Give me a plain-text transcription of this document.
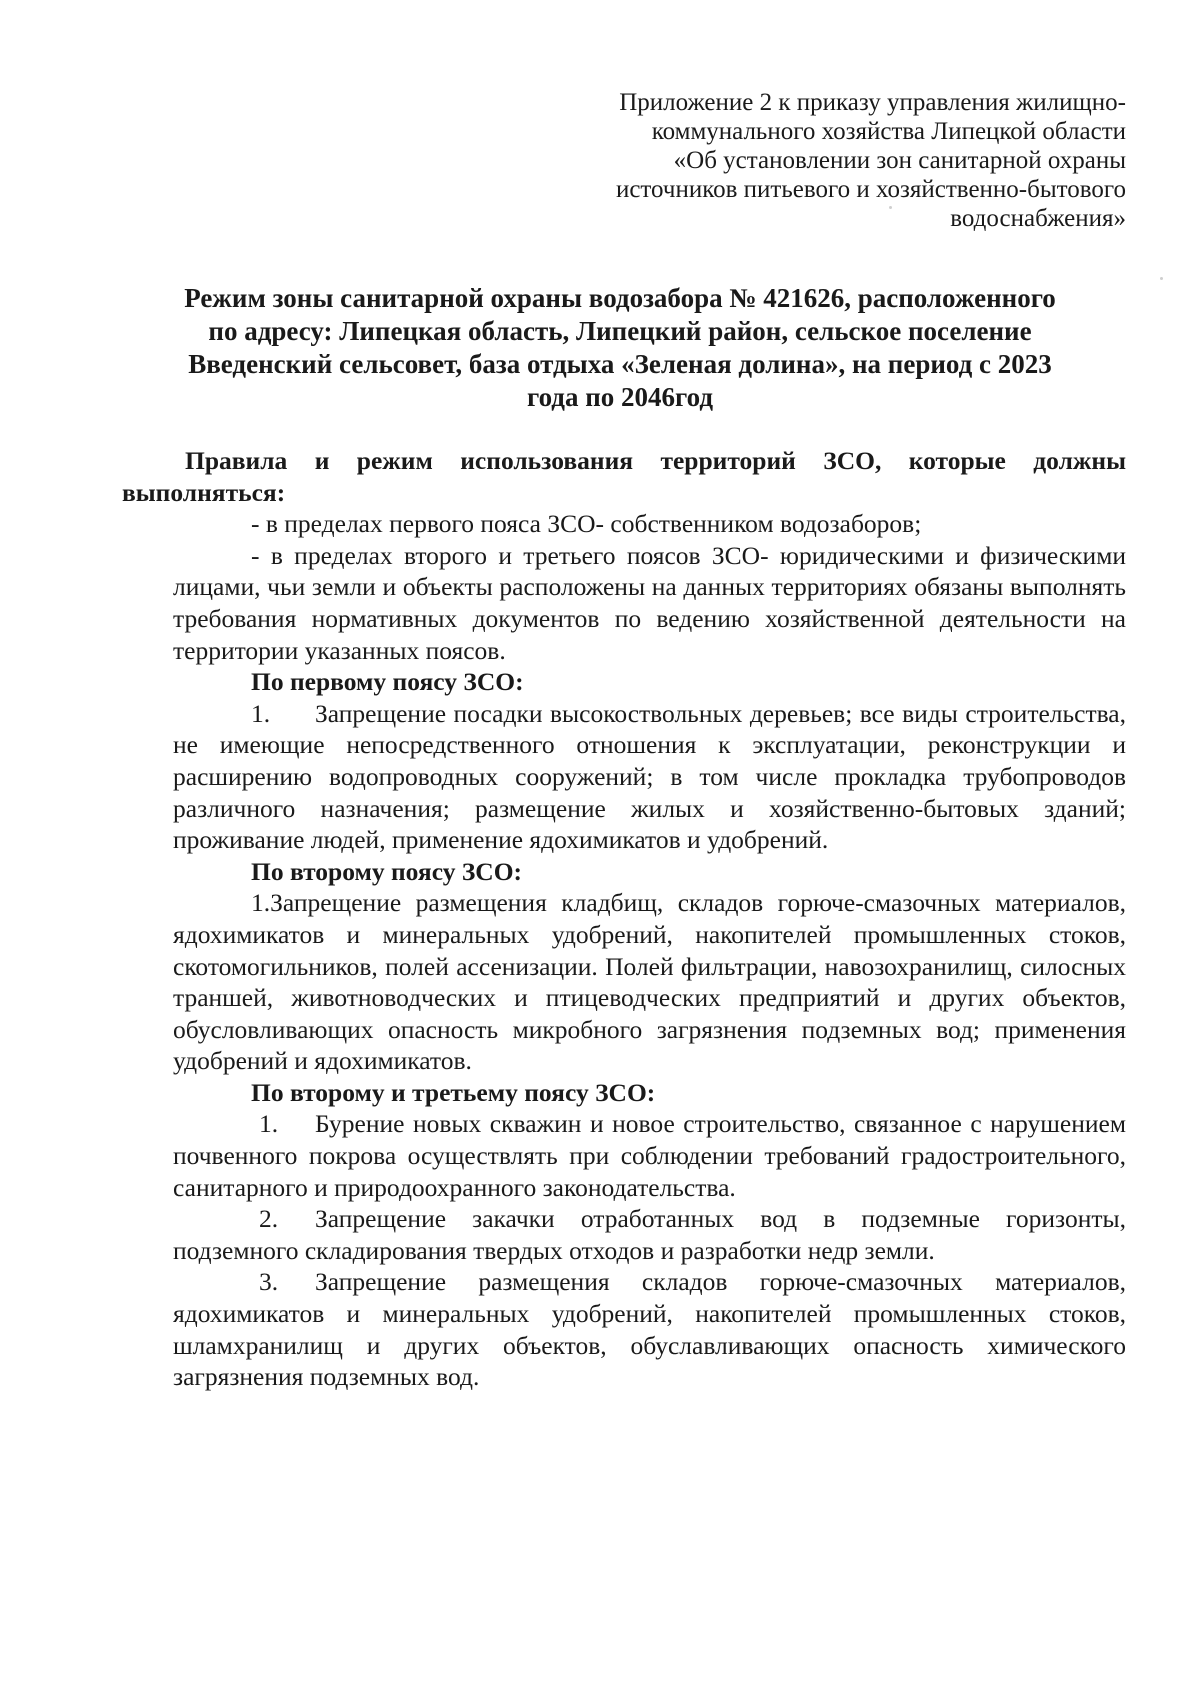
Приложение 2 к приказу управления жилищно-
коммунального хозяйства Липецкой области
«Об установлении зон санитарной охраны
источников питьевого и хозяйственно-бытового
водоснабжения»
Режим зоны санитарной охраны водозабора № 421626, расположенного
по адресу: Липецкая область, Липецкий район, сельское поселение
Введенский сельсовет, база отдыха «Зеленая долина», на период с 2023
года по 2046год

Правила и режим использования территорий ЗСО, которые должны выполняться:

- в пределах первого пояса ЗСО- собственником водозаборов;

- в пределах второго и третьего поясов ЗСО- юридическими и физическими лицами, чьи земли и объекты расположены на данных территориях обязаны выполнять требования нормативных документов по ведению хозяйственной деятельности на территории указанных поясов.

По первому поясу ЗСО:

1. Запрещение посадки высокоствольных деревьев; все виды строительства, не имеющие непосредственного отношения к эксплуатации, реконструкции и расширению водопроводных сооружений; в том числе прокладка трубопроводов различного назначения; размещение жилых и хозяйственно-бытовых зданий; проживание людей, применение ядохимикатов и удобрений.

По второму поясу ЗСО:

1.Запрещение размещения кладбищ, складов горюче-смазочных материалов, ядохимикатов и минеральных удобрений, накопителей промышленных стоков, скотомогильников, полей ассенизации. Полей фильтрации, навозохранилищ, силосных траншей, животноводческих и птицеводческих предприятий и других объектов, обусловливающих опасность микробного загрязнения подземных вод; применения удобрений и ядохимикатов.

По второму и третьему поясу ЗСО:

1. Бурение новых скважин и новое строительство, связанное с нарушением почвенного покрова осуществлять при соблюдении требований градостроительного, санитарного и природоохранного законодательства.

2. Запрещение закачки отработанных вод в подземные горизонты, подземного складирования твердых отходов и разработки недр земли.

3. Запрещение размещения складов горюче-смазочных материалов, ядохимикатов и минеральных удобрений, накопителей промышленных стоков, шламхранилищ и других объектов, обуславливающих опасность химического загрязнения подземных вод.
